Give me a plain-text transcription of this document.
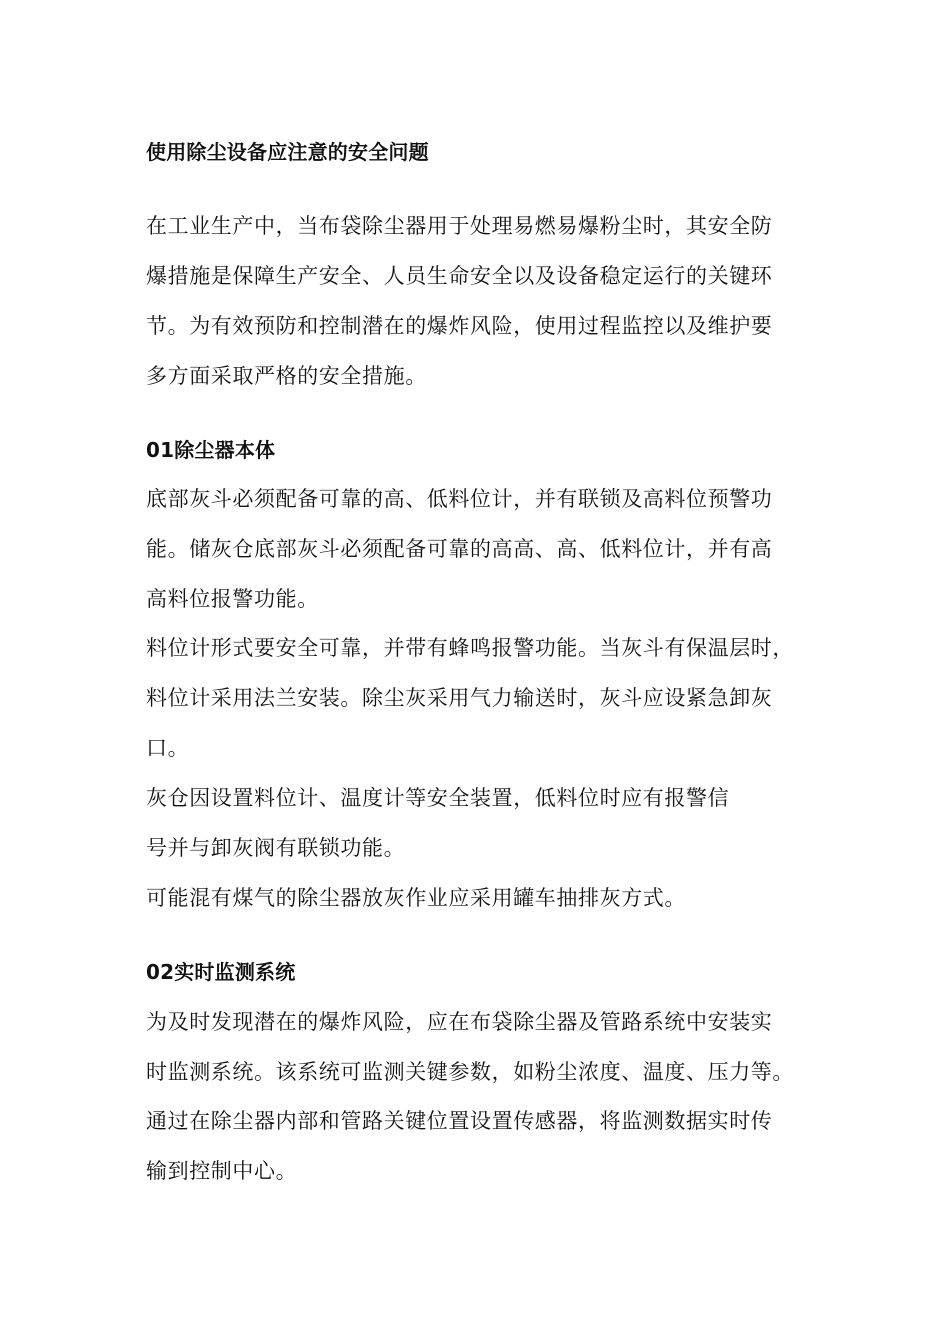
使用除尘设备应注意的安全问题
在工业生产中，当布袋除尘器用于处理易燃易爆粉尘时，其安全防
爆措施是保障生产安全、人员生命安全以及设备稳定运行的关键环
节。为有效预防和控制潜在的爆炸风险，使用过程监控以及维护要
多方面采取严格的安全措施。
01除尘器本体
底部灰斗必须配备可靠的高、低料位计，并有联锁及高料位预警功
能。储灰仓底部灰斗必须配备可靠的高高、高、低料位计，并有高
高料位报警功能。
料位计形式要安全可靠，并带有蜂鸣报警功能。当灰斗有保温层时，
料位计采用法兰安装。除尘灰采用气力输送时，灰斗应设紧急卸灰
口。
灰仓因设置料位计、温度计等安全装置，低料位时应有报警信
号并与卸灰阀有联锁功能。
可能混有煤气的除尘器放灰作业应采用罐车抽排灰方式。
02实时监测系统
为及时发现潜在的爆炸风险，应在布袋除尘器及管路系统中安装实
时监测系统。该系统可监测关键参数，如粉尘浓度、温度、压力等。
通过在除尘器内部和管路关键位置设置传感器，将监测数据实时传
输到控制中心。
